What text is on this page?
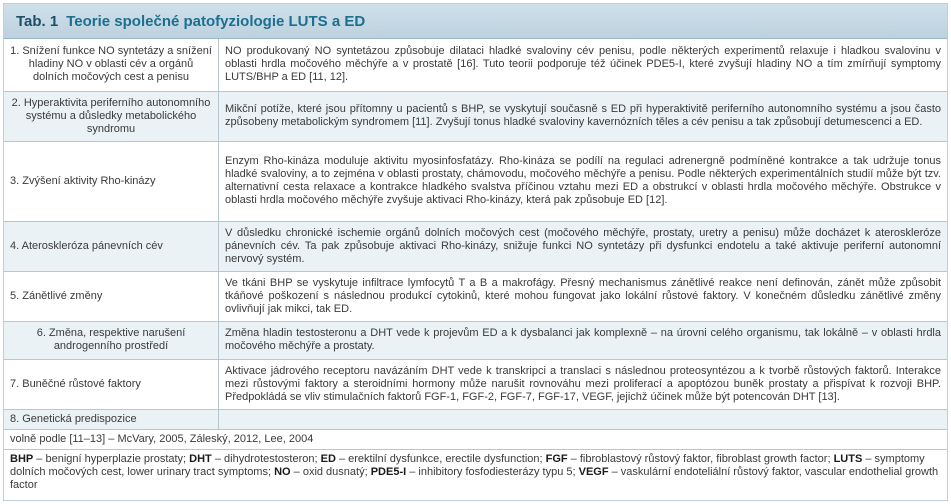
Tab. 1 Teorie společné patofyziologie LUTS a ED
1. Snížení funkce NO syntetázy a snížení hladiny NO v oblasti cév a orgánů dolních močových cest a penisu	NO produkovaný NO syntetázou způsobuje dilataci hladké svaloviny cév penisu, podle některých experimentů relaxuje i hladkou svalovinu v oblasti hrdla močového měchýře a v prostatě [16]. Tuto teorii podporuje též účinek PDE5-I, které zvyšují hladiny NO a tím zmírňují symptomy LUTS/BHP a ED [11, 12].
2. Hyperaktivita periferního autonomního systému a důsledky metabolického syndromu	Mikční potíže, které jsou přítomny u pacientů s BHP, se vyskytují současně s ED při hyperaktivitě periferního autonomního systému a jsou často způsobeny metabolickým syndromem [11]. Zvyšují tonus hladké svaloviny kavernózních těles a cév penisu a tak způsobují detumescenci a ED.
3. Zvýšení aktivity Rho-kinázy	Enzym Rho-kináza moduluje aktivitu myosinfosfatázy. Rho-kináza se podílí na regulaci adrenergně podmíněné kontrakce a tak udržuje tonus hladké svaloviny, a to zejména v oblasti prostaty, chámovodu, močového měchýře a penisu. Podle některých experimentálních studií může být tzv. alternativní cesta relaxace a kontrakce hladkého svalstva příčinou vztahu mezi ED a obstrukcí v oblasti hrdla močového měchýře. Obstrukce v oblasti hrdla močového měchýře zvyšuje aktivaci Rho-kinázy, která pak způsobuje ED [12].
4. Ateroskleróza pánevních cév	V důsledku chronické ischemie orgánů dolních močových cest (močového měchýře, prostaty, uretry a penisu) může docházet k ateroskleróze pánevních cév. Ta pak způsobuje aktivaci Rho-kinázy, snižuje funkci NO syntetázy při dysfunkci endotelu a také aktivuje periferní autonomní nervový systém.
5. Zánětlivé změny	Ve tkáni BHP se vyskytuje infiltrace lymfocytů T a B a makrofágy. Přesný mechanismus zánětlivé reakce není definován, zánět může způsobit tkáňové poškození s následnou produkcí cytokinů, které mohou fungovat jako lokální růstové faktory. V konečném důsledku zánětlivé změny ovlivňují jak mikci, tak ED.
6. Změna, respektive narušení androgenního prostředí	Změna hladin testosteronu a DHT vede k projevům ED a k dysbalanci jak komplexně – na úrovni celého organismu, tak lokálně – v oblasti hrdla močového měchýře a prostaty.
7. Buněčné růstové faktory	Aktivace jádrového receptoru navázáním DHT vede k transkripci a translaci s následnou proteosyntézou a k tvorbě růstových faktorů. Interakce mezi růstovými faktory a steroidními hormony může narušit rovnováhu mezi proliferací a apoptózou buněk prostaty a přispívat k rozvoji BHP. Předpokládá se vliv stimulačních faktorů FGF-1, FGF-2, FGF-7, FGF-17, VEGF, jejichž účinek může být potencován DHT [13].
8. Genetická predispozice	
volně podle [11–13] – McVary, 2005, Záleský, 2012, Lee, 2004
BHP – benigní hyperplazie prostaty; DHT – dihydrotestosteron; ED – erektilní dysfunkce, erectile dysfunction; FGF – fibroblastový růstový faktor, fibroblast growth factor; LUTS – symptomy dolních močových cest, lower urinary tract symptoms; NO – oxid dusnatý; PDE5-I – inhibitory fosfodiesterázy typu 5; VEGF – vaskulární endoteliální růstový faktor, vascular endothelial growth factor
